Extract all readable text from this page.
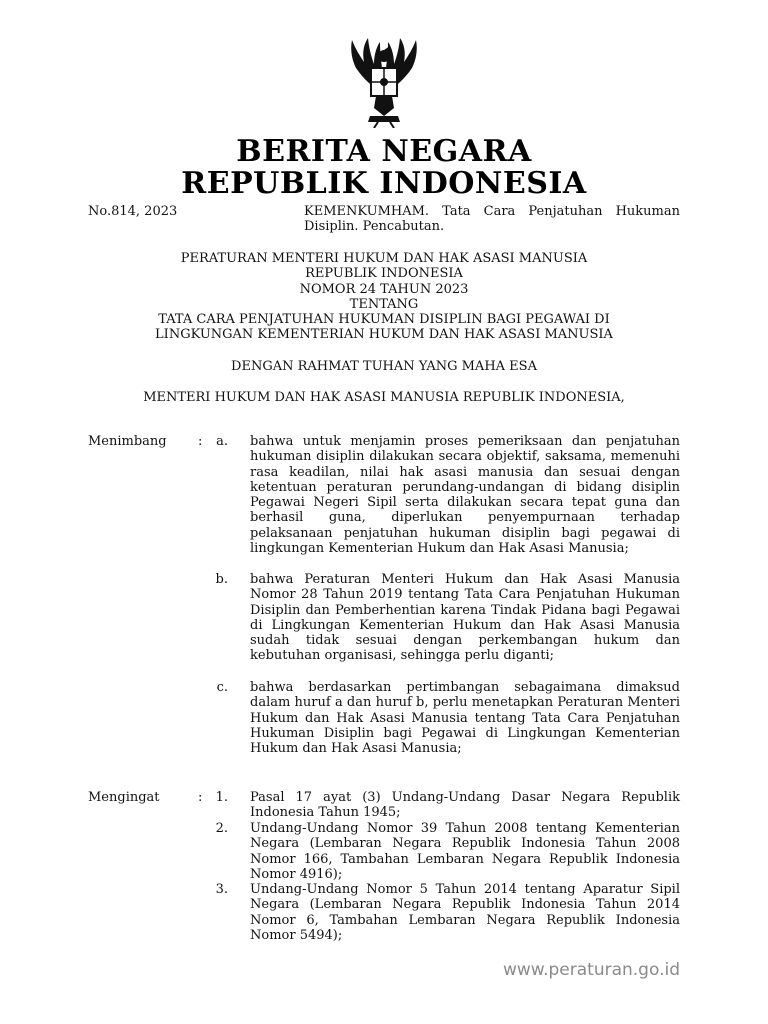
BERITA NEGARA
REPUBLIK INDONESIA
No.814, 2023	KEMENKUMHAM. Tata Cara Penjatuhan Hukuman Disiplin. Pencabutan.
PERATURAN MENTERI HUKUM DAN HAK ASASI MANUSIA
REPUBLIK INDONESIA
NOMOR 24 TAHUN 2023
TENTANG
TATA CARA PENJATUHAN HUKUMAN DISIPLIN BAGI PEGAWAI DI
LINGKUNGAN KEMENTERIAN HUKUM DAN HAK ASASI MANUSIA
DENGAN RAHMAT TUHAN YANG MAHA ESA
MENTERI HUKUM DAN HAK ASASI MANUSIA REPUBLIK INDONESIA,
Menimbang :	a. bahwa untuk menjamin proses pemeriksaan dan penjatuhan hukuman disiplin dilakukan secara objektif, saksama, memenuhi rasa keadilan, nilai hak asasi manusia dan sesuai dengan ketentuan peraturan perundang-undangan di bidang disiplin Pegawai Negeri Sipil serta dilakukan secara tepat guna dan berhasil guna, diperlukan penyempurnaan terhadap pelaksanaan penjatuhan hukuman disiplin bagi pegawai di lingkungan Kementerian Hukum dan Hak Asasi Manusia;
b. bahwa Peraturan Menteri Hukum dan Hak Asasi Manusia Nomor 28 Tahun 2019 tentang Tata Cara Penjatuhan Hukuman Disiplin dan Pemberhentian karena Tindak Pidana bagi Pegawai di Lingkungan Kementerian Hukum dan Hak Asasi Manusia sudah tidak sesuai dengan perkembangan hukum dan kebutuhan organisasi, sehingga perlu diganti;
c. bahwa berdasarkan pertimbangan sebagaimana dimaksud dalam huruf a dan huruf b, perlu menetapkan Peraturan Menteri Hukum dan Hak Asasi Manusia tentang Tata Cara Penjatuhan Hukuman Disiplin bagi Pegawai di Lingkungan Kementerian Hukum dan Hak Asasi Manusia;
Mengingat	:	1. Pasal 17 ayat (3) Undang-Undang Dasar Negara Republik Indonesia Tahun 1945;
2. Undang-Undang Nomor 39 Tahun 2008 tentang Kementerian Negara (Lembaran Negara Republik Indonesia Tahun 2008 Nomor 166, Tambahan Lembaran Negara Republik Indonesia Nomor 4916);
3. Undang-Undang Nomor 5 Tahun 2014 tentang Aparatur Sipil Negara (Lembaran Negara Republik Indonesia Tahun 2014 Nomor 6, Tambahan Lembaran Negara Republik Indonesia Nomor 5494);
www.peraturan.go.id
